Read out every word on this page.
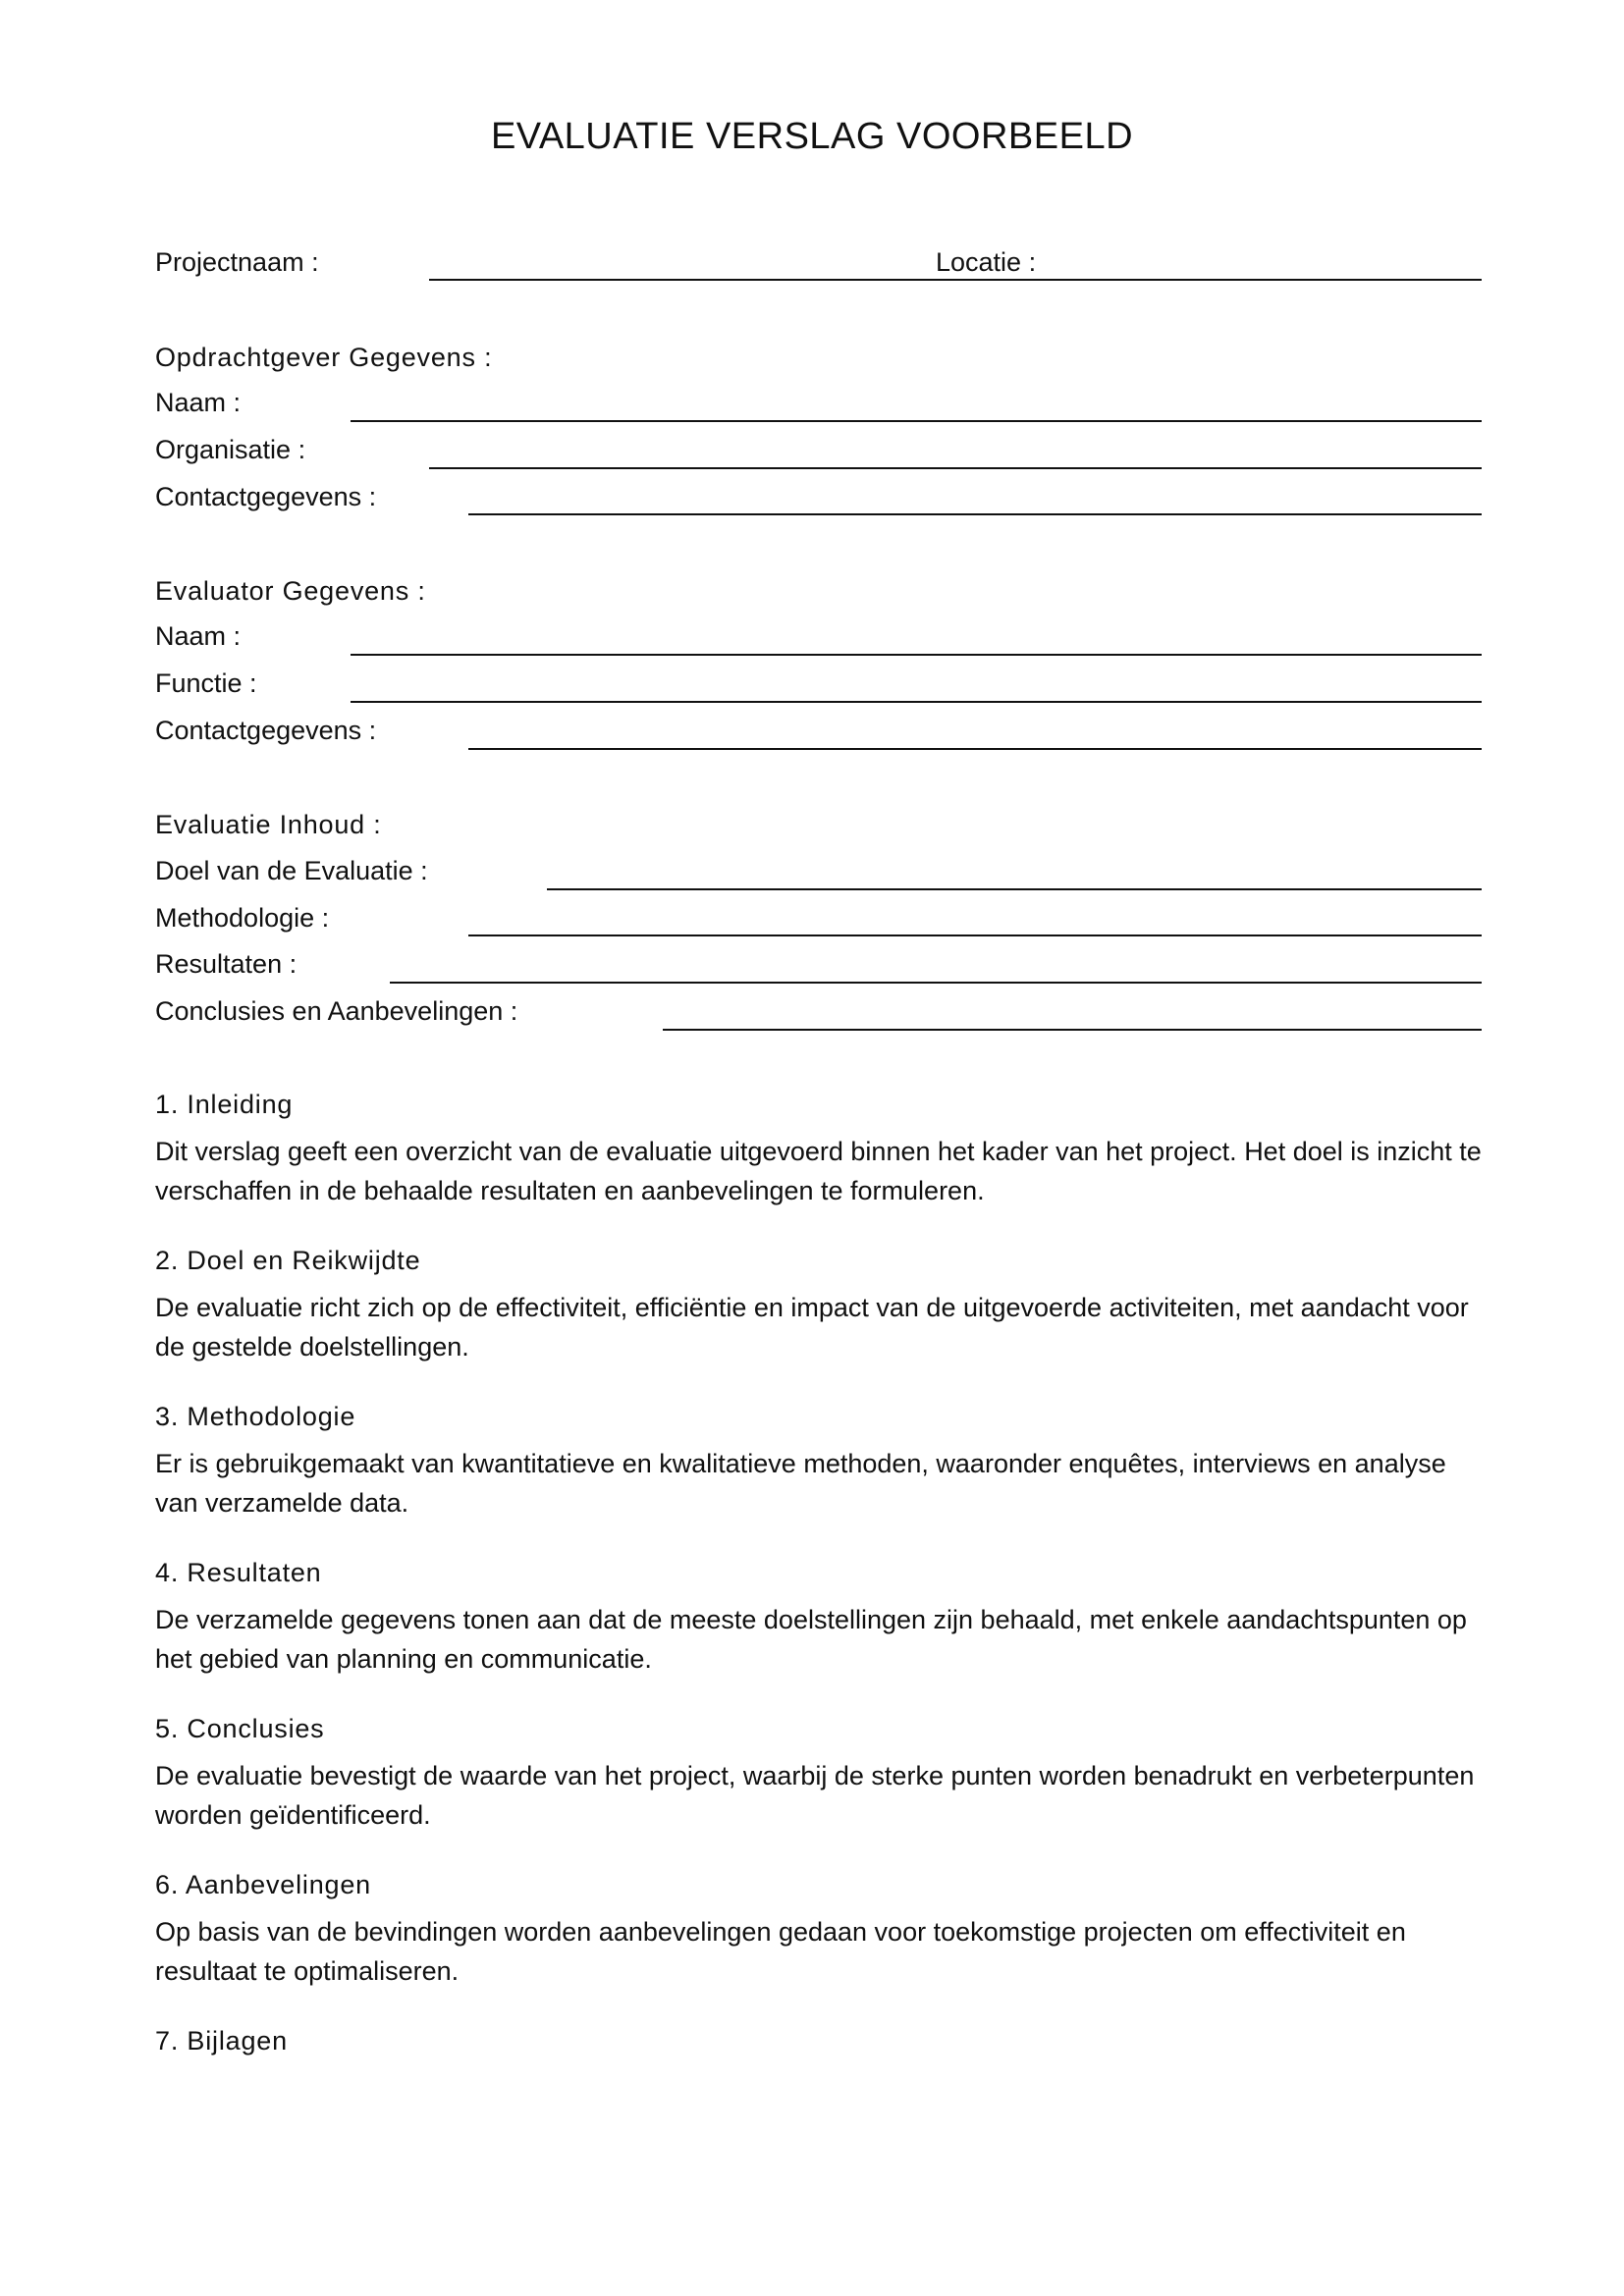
EVALUATIE VERSLAG VOORBEELD
Projectnaam :	Locatie :
Opdrachtgever Gegevens :
Naam :
Organisatie :
Contactgegevens :
Evaluator Gegevens :
Naam :
Functie :
Contactgegevens :
Evaluatie Inhoud :
Doel van de Evaluatie :
Methodologie :
Resultaten :
Conclusies en Aanbevelingen :
1. Inleiding

Dit verslag geeft een overzicht van de evaluatie uitgevoerd binnen het kader van het project. Het doel is inzicht te verschaffen in de behaalde resultaten en aanbevelingen te formuleren.

2. Doel en Reikwijdte

De evaluatie richt zich op de effectiviteit, efficiëntie en impact van de uitgevoerde activiteiten, met aandacht voor de gestelde doelstellingen.

3. Methodologie

Er is gebruikgemaakt van kwantitatieve en kwalitatieve methoden, waaronder enquêtes, interviews en analyse van verzamelde data.

4. Resultaten

De verzamelde gegevens tonen aan dat de meeste doelstellingen zijn behaald, met enkele aandachtspunten op het gebied van planning en communicatie.

5. Conclusies

De evaluatie bevestigt de waarde van het project, waarbij de sterke punten worden benadrukt en verbeterpunten worden geïdentificeerd.

6. Aanbevelingen

Op basis van de bevindingen worden aanbevelingen gedaan voor toekomstige projecten om effectiviteit en resultaat te optimaliseren.

7. Bijlagen
